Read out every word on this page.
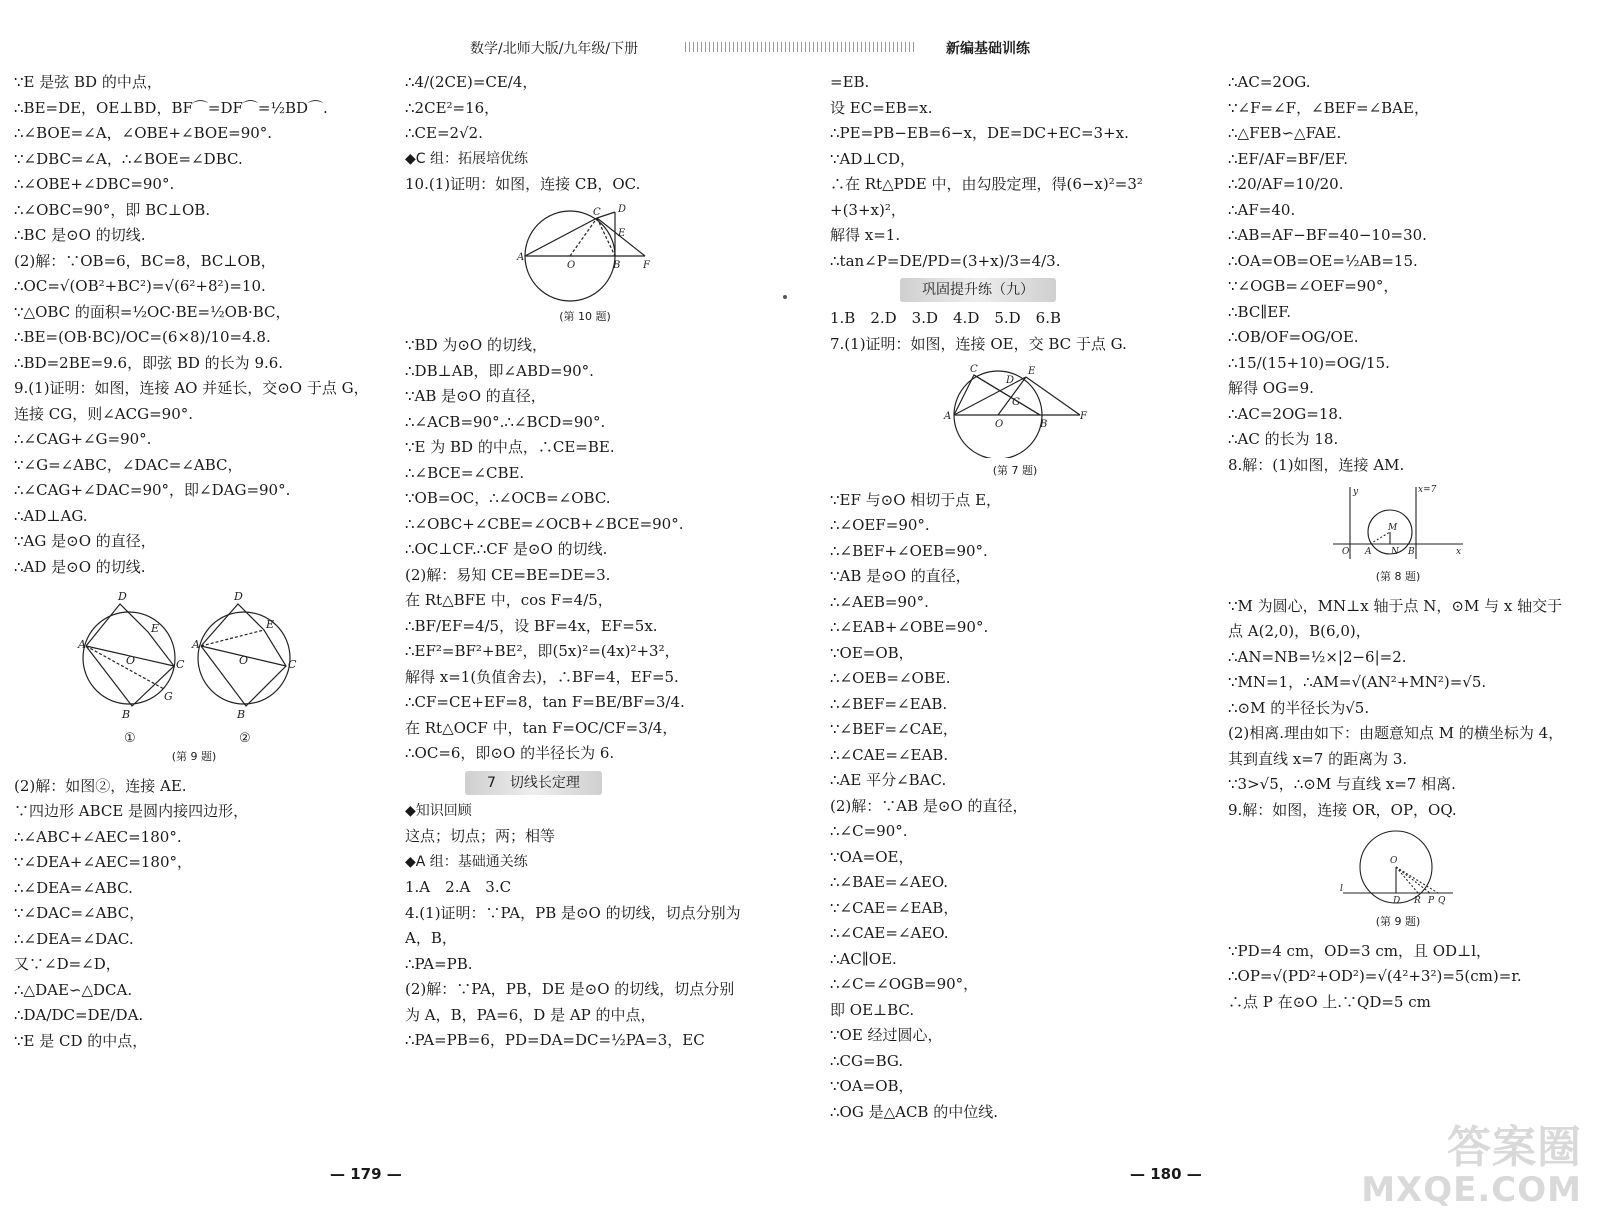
数学/北师大版/九年级/下册	新编基础训练
∵E 是弦 BD 的中点，
∴BE=DE，OE⊥BD，BF⌒=DF⌒=½BD⌒.
∴∠BOE=∠A，∠OBE+∠BOE=90°.
∵∠DBC=∠A，∴∠BOE=∠DBC.
∴∠OBE+∠DBC=90°.
∴∠OBC=90°，即 BC⊥OB.
∴BC 是⊙O 的切线.
(2)解：∵OB=6，BC=8，BC⊥OB，
∴OC=√(OB²+BC²)=√(6²+8²)=10.
∵△OBC 的面积=½OC·BE=½OB·BC，
∴BE=(OB·BC)/OC=(6×8)/10=4.8.
∴BD=2BE=9.6，即弦 BD 的长为 9.6.
9.(1)证明：如图，连接 AO 并延长，交⊙O 于点 G，
连接 CG，则∠ACG=90°.
∴∠CAG+∠G=90°.
∵∠G=∠ABC，∠DAC=∠ABC，
∴∠CAG+∠DAC=90°，即∠DAG=90°.
∴AD⊥AG.
∵AG 是⊙O 的直径，
∴AD 是⊙O 的切线.
D
A
E
C
G
B
O
D
A
E
C
B
O
①	②
(第 9 题)
(2)解：如图②，连接 AE.
∵四边形 ABCE 是圆内接四边形，
∴∠ABC+∠AEC=180°.
∵∠DEA+∠AEC=180°，
∴∠DEA=∠ABC.
∵∠DAC=∠ABC，
∴∠DEA=∠DAC.
又∵∠D=∠D，
∴△DAE∽△DCA.
∴DA/DC=DE/DA.
∵E 是 CD 的中点，
∴4/(2CE)=CE/4，
∴2CE²=16，
∴CE=2√2.
◆C 组：拓展培优练
10.(1)证明：如图，连接 CB，OC.
A
O
C D
E
B F
(第 10 题)
∵BD 为⊙O 的切线，
∴DB⊥AB，即∠ABD=90°.
∵AB 是⊙O 的直径，
∴∠ACB=90°.∴∠BCD=90°.
∵E 为 BD 的中点，∴CE=BE.
∴∠BCE=∠CBE.
∵OB=OC，∴∠OCB=∠OBC.
∴∠OBC+∠CBE=∠OCB+∠BCE=90°.
∴OC⊥CF.∴CF 是⊙O 的切线.
(2)解：易知 CE=BE=DE=3.
在 Rt△BFE 中，cos F=4/5，
∴BF/EF=4/5，设 BF=4x，EF=5x.
∴EF²=BF²+BE²，即(5x)²=(4x)²+3²，
解得 x=1(负值舍去)，∴BF=4，EF=5.
∴CF=CE+EF=8，tan F=BE/BF=3/4.
在 Rt△OCF 中，tan F=OC/CF=3/4，
∴OC=6，即⊙O 的半径长为 6.
7　切线长定理
◆知识回顾
这点；切点；两；相等
◆A 组：基础通关练
1.A　2.A　3.C
4.(1)证明：∵PA，PB 是⊙O 的切线，切点分别为
A，B，
∴PA=PB.
(2)解：∵PA，PB，DE 是⊙O 的切线，切点分别
为 A，B，PA=6，D 是 AP 的中点，
∴PA=PB=6，PD=DA=DC=½PA=3，EC
=EB.
设 EC=EB=x.
∴PE=PB−EB=6−x，DE=DC+EC=3+x.
∵AD⊥CD，
∴在 Rt△PDE 中，由勾股定理，得(6−x)²=3²
+(3+x)²，
解得 x=1.
∴tan∠P=DE/PD=(3+x)/3=4/3.
巩固提升练（九）
1.B　2.D　3.D　4.D　5.D　6.B
7.(1)证明：如图，连接 OE，交 BC 于点 G.
A
C
D
E
G
O	B
F
(第 7 题)
∵EF 与⊙O 相切于点 E，
∴∠OEF=90°.
∴∠BEF+∠OEB=90°.
∵AB 是⊙O 的直径，
∴∠AEB=90°.
∴∠EAB+∠OBE=90°.
∵OE=OB，
∴∠OEB=∠OBE.
∴∠BEF=∠EAB.
∵∠BEF=∠CAE，
∴∠CAE=∠EAB.
∴AE 平分∠BAC.
(2)解：∵AB 是⊙O 的直径，
∴∠C=90°.
∵OA=OE，
∴∠BAE=∠AEO.
∵∠CAE=∠EAB，
∴∠CAE=∠AEO.
∴AC∥OE.
∴∠C=∠OGB=90°，
即 OE⊥BC.
∵OE 经过圆心，
∴CG=BG.
∵OA=OB，
∴OG 是△ACB 的中位线.
∴AC=2OG.
∵∠F=∠F，∠BEF=∠BAE，
∴△FEB∽△FAE.
∴EF/AF=BF/EF.
∴20/AF=10/20.
∴AF=40.
∴AB=AF−BF=40−10=30.
∴OA=OB=OE=½AB=15.
∵∠OGB=∠OEF=90°，
∴BC∥EF.
∴OB/OF=OG/OE.
∴15/(15+10)=OG/15.
解得 OG=9.
∴AC=2OG=18.
∴AC 的长为 18.
8.解：(1)如图，连接 AM.
y
O A
M
N B	x
x=7
(第 8 题)
∵M 为圆心，MN⊥x 轴于点 N，⊙M 与 x 轴交于
点 A(2,0)，B(6,0)，
∴AN=NB=½×|2−6|=2.
∵MN=1，∴AM=√(AN²+MN²)=√5.
∴⊙M 的半径长为√5.
(2)相离.理由如下：由题意知点 M 的横坐标为 4，
其到直线 x=7 的距离为 3.
∵3>√5，∴⊙M 与直线 x=7 相离.
9.解：如图，连接 OR，OP，OQ.
O
l
D R P Q
(第 9 题)
∵PD=4 cm，OD=3 cm，且 OD⊥l，
∴OP=√(PD²+OD²)=√(4²+3²)=5(cm)=r.
∴点 P 在⊙O 上.∵QD=5 cm
— 179 —	— 180 —
答案圈
MXQE.COM
